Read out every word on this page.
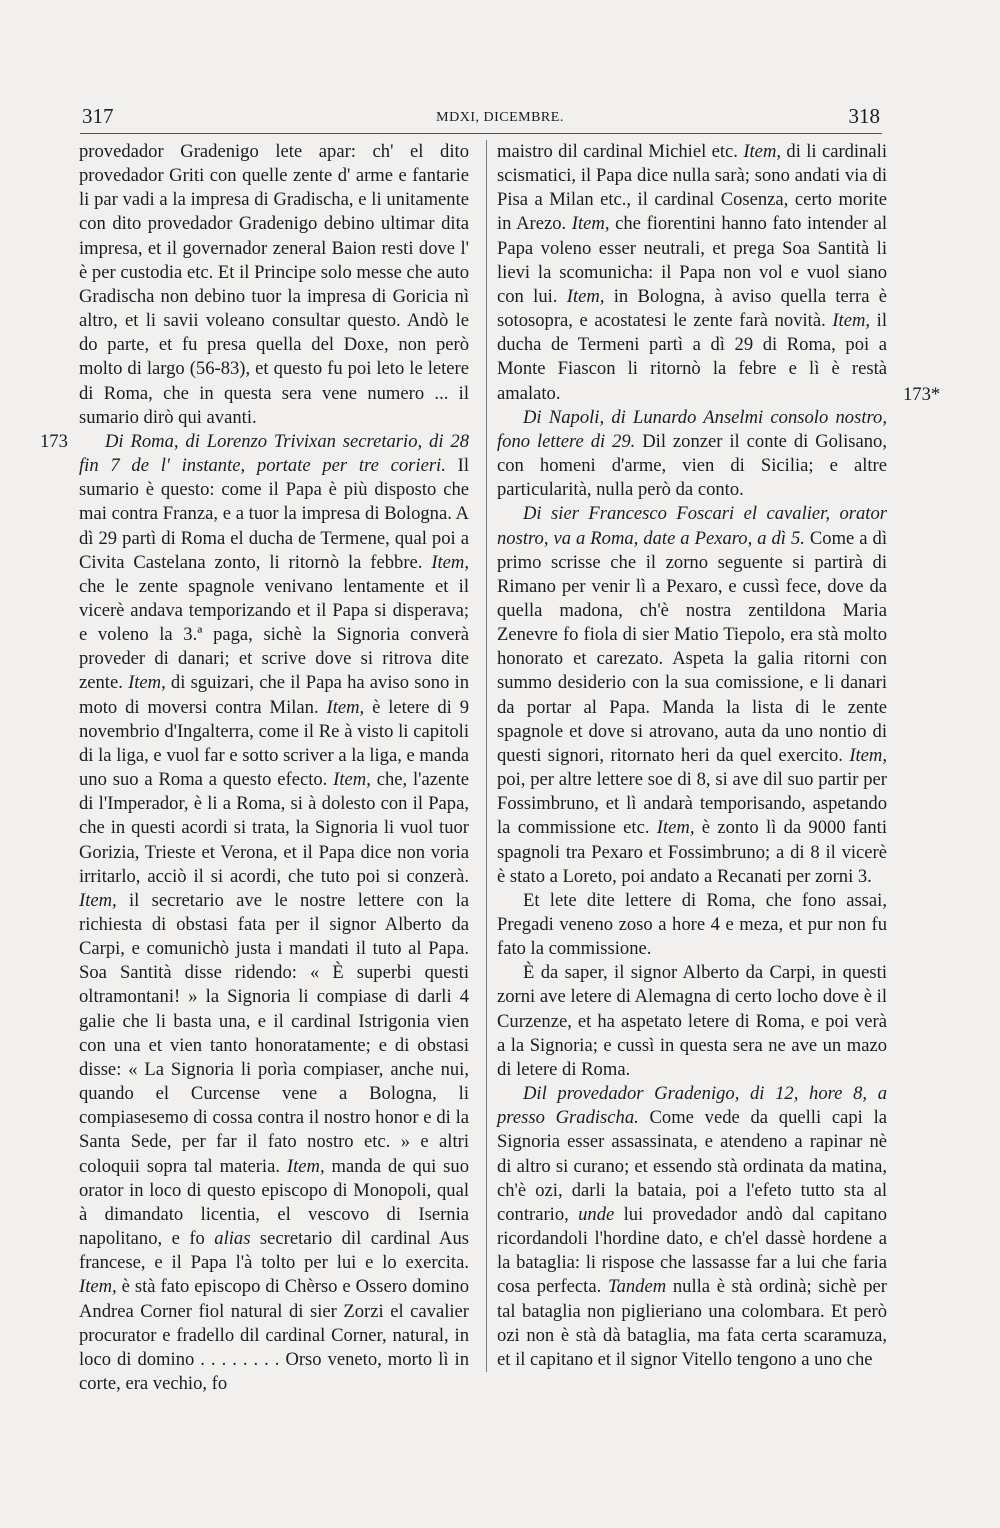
317	MDXI, DICEMBRE.	318
173
173*

provedador Gradenigo lete apar: ch' el dito provedador Griti con quelle zente d' arme e fantarie li par vadi a la impresa di Gradischa, e li unitamente con dito provedador Gradenigo debino ultimar dita impresa, et il governador zeneral Baion resti dove l' è per custodia etc. Et il Principe solo messe che auto Gradischa non debino tuor la impresa di Goricia nì altro, et li savii voleano consultar questo. Andò le do parte, et fu presa quella del Doxe, non però molto di largo (56-83), et questo fu poi leto le letere di Roma, che in questa sera vene numero ... il sumario dirò qui avanti.

Di Roma, di Lorenzo Trivixan secretario, di 28 fin 7 de l' instante, portate per tre corieri. Il sumario è questo: come il Papa è più disposto che mai contra Franza, e a tuor la impresa di Bologna. A dì 29 partì di Roma el ducha de Termene, qual poi a Civita Castelana zonto, li ritornò la febbre. Item, che le zente spagnole venivano lentamente et il vicerè andava temporizando et il Papa si disperava; e voleno la 3.ª paga, sichè la Signoria converà proveder di danari; et scrive dove si ritrova dite zente. Item, di sguizari, che il Papa ha aviso sono in moto di moversi contra Milan. Item, è letere di 9 novembrio d'Ingalterra, come il Re à visto li capitoli di la liga, e vuol far e sotto scriver a la liga, e manda uno suo a Roma a questo efecto. Item, che, l'azente di l'Imperador, è li a Roma, si à dolesto con il Papa, che in questi acordi si trata, la Signoria li vuol tuor Gorizia, Trieste et Verona, et il Papa dice non voria irritarlo, acciò il si acordi, che tuto poi si conzerà. Item, il secretario ave le nostre lettere con la richiesta di obstasi fata per il signor Alberto da Carpi, e comunichò justa i mandati il tuto al Papa. Soa Santità disse ridendo: « È superbi questi oltramontani! » la Signoria li compiase di darli 4 galie che li basta una, e il cardinal Istrigonia vien con una et vien tanto honoratamente; e di obstasi disse: « La Signoria li porìa compiaser, anche nui, quando el Curcense vene a Bologna, li compiasesemo di cossa contra il nostro honor e di la Santa Sede, per far il fato nostro etc. » e altri coloquii sopra tal materia. Item, manda de qui suo orator in loco di questo episcopo di Monopoli, qual à dimandato licentia, el vescovo di Isernia napolitano, e fo alias secretario dil cardinal Aus francese, e il Papa l'à tolto per lui e lo exercita. Item, è stà fato episcopo di Chèrso e Ossero domino Andrea Corner fiol natural di sier Zorzi el cavalier procurator e fradello dil cardinal Corner, natural, in loco di domino . . . . . . . . Orso veneto, morto lì in corte, era vechio, fo

maistro dil cardinal Michiel etc. Item, di li cardinali scismatici, il Papa dice nulla sarà; sono andati via di Pisa a Milan etc., il cardinal Cosenza, certo morite in Arezo. Item, che fiorentini hanno fato intender al Papa voleno esser neutrali, et prega Soa Santità li lievi la scomunicha: il Papa non vol e vuol siano con lui. Item, in Bologna, à aviso quella terra è sotosopra, e acostatesi le zente farà novità. Item, il ducha de Termeni partì a dì 29 di Roma, poi a Monte Fiascon li ritornò la febre e lì è restà amalato.

Di Napoli, di Lunardo Anselmi consolo nostro, fono lettere di 29. Dil zonzer il conte di Golisano, con homeni d'arme, vien di Sicilia; e altre particularità, nulla però da conto.

Di sier Francesco Foscari el cavalier, orator nostro, va a Roma, date a Pexaro, a dì 5. Come a dì primo scrisse che il zorno seguente si partirà di Rimano per venir lì a Pexaro, e cussì fece, dove da quella madona, ch'è nostra zentildona Maria Zenevre fo fiola di sier Matio Tiepolo, era stà molto honorato et carezato. Aspeta la galia ritorni con summo desiderio con la sua comissione, e li danari da portar al Papa. Manda la lista di le zente spagnole et dove si atrovano, auta da uno nontio di questi signori, ritornato heri da quel exercito. Item, poi, per altre lettere soe di 8, si ave dil suo partir per Fossimbruno, et lì andarà temporisando, aspetando la commissione etc. Item, è zonto lì da 9000 fanti spagnoli tra Pexaro et Fossimbruno; a di 8 il vicerè è stato a Loreto, poi andato a Recanati per zorni 3.

Et lete dite lettere di Roma, che fono assai, Pregadi veneno zoso a hore 4 e meza, et pur non fu fato la commissione.

È da saper, il signor Alberto da Carpi, in questi zorni ave letere di Alemagna di certo locho dove è il Curzenze, et ha aspetato letere di Roma, e poi verà a la Signoria; e cussì in questa sera ne ave un mazo di letere di Roma.

Dil provedador Gradenigo, di 12, hore 8, a presso Gradischa. Come vede da quelli capi la Signoria esser assassinata, e atendeno a rapinar nè di altro si curano; et essendo stà ordinata da matina, ch'è ozi, darli la bataia, poi a l'efeto tutto sta al contrario, unde lui provedador andò dal capitano ricordandoli l'hordine dato, e ch'el dassè hordene a la bataglia: li rispose che lassasse far a lui che faria cosa perfecta. Tandem nulla è stà ordinà; sichè per tal bataglia non piglieriano una colombara. Et però ozi non è stà dà bataglia, ma fata certa scaramuza, et il capitano et il signor Vitello tengono a uno che
